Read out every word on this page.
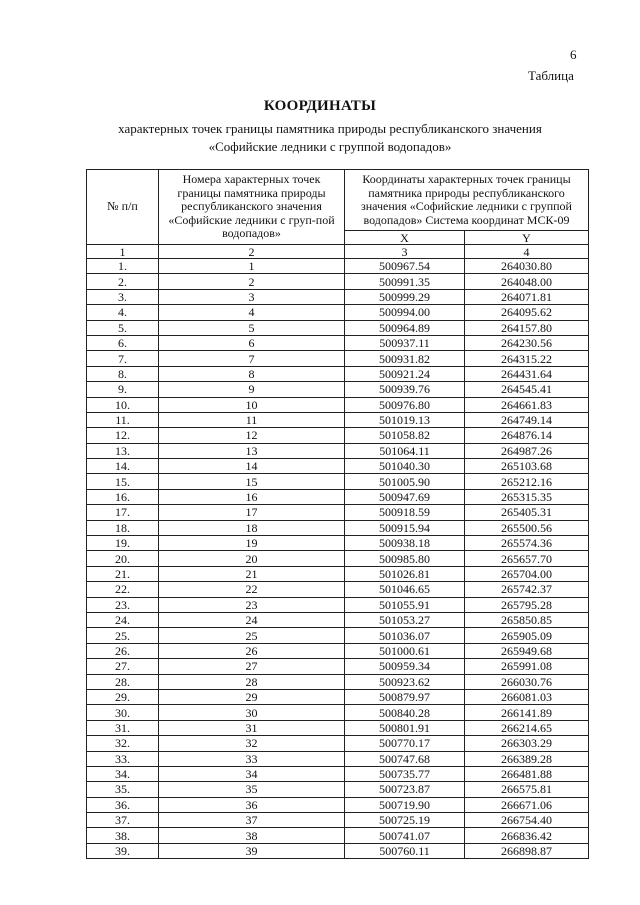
6
Таблица
КООРДИНАТЫ
характерных точек границы памятника природы республиканского значения «Софийские ледники с группой водопадов»
№ п/п	Номера характерных точек границы памятника природы республиканского значения «Софийские ледники с груп-пой водопадов»	Координаты характерных точек границы памятника природы республиканского значения «Софийские ледники с группой водопадов» Система координат МСК-09	
		X	Y
1	2	3	4
1.	1	500967.54	264030.80
2.	2	500991.35	264048.00
3.	3	500999.29	264071.81
4.	4	500994.00	264095.62
5.	5	500964.89	264157.80
6.	6	500937.11	264230.56
7.	7	500931.82	264315.22
8.	8	500921.24	264431.64
9.	9	500939.76	264545.41
10.	10	500976.80	264661.83
11.	11	501019.13	264749.14
12.	12	501058.82	264876.14
13.	13	501064.11	264987.26
14.	14	501040.30	265103.68
15.	15	501005.90	265212.16
16.	16	500947.69	265315.35
17.	17	500918.59	265405.31
18.	18	500915.94	265500.56
19.	19	500938.18	265574.36
20.	20	500985.80	265657.70
21.	21	501026.81	265704.00
22.	22	501046.65	265742.37
23.	23	501055.91	265795.28
24.	24	501053.27	265850.85
25.	25	501036.07	265905.09
26.	26	501000.61	265949.68
27.	27	500959.34	265991.08
28.	28	500923.62	266030.76
29.	29	500879.97	266081.03
30.	30	500840.28	266141.89
31.	31	500801.91	266214.65
32.	32	500770.17	266303.29
33.	33	500747.68	266389.28
34.	34	500735.77	266481.88
35.	35	500723.87	266575.81
36.	36	500719.90	266671.06
37.	37	500725.19	266754.40
38.	38	500741.07	266836.42
39.	39	500760.11	266898.87
